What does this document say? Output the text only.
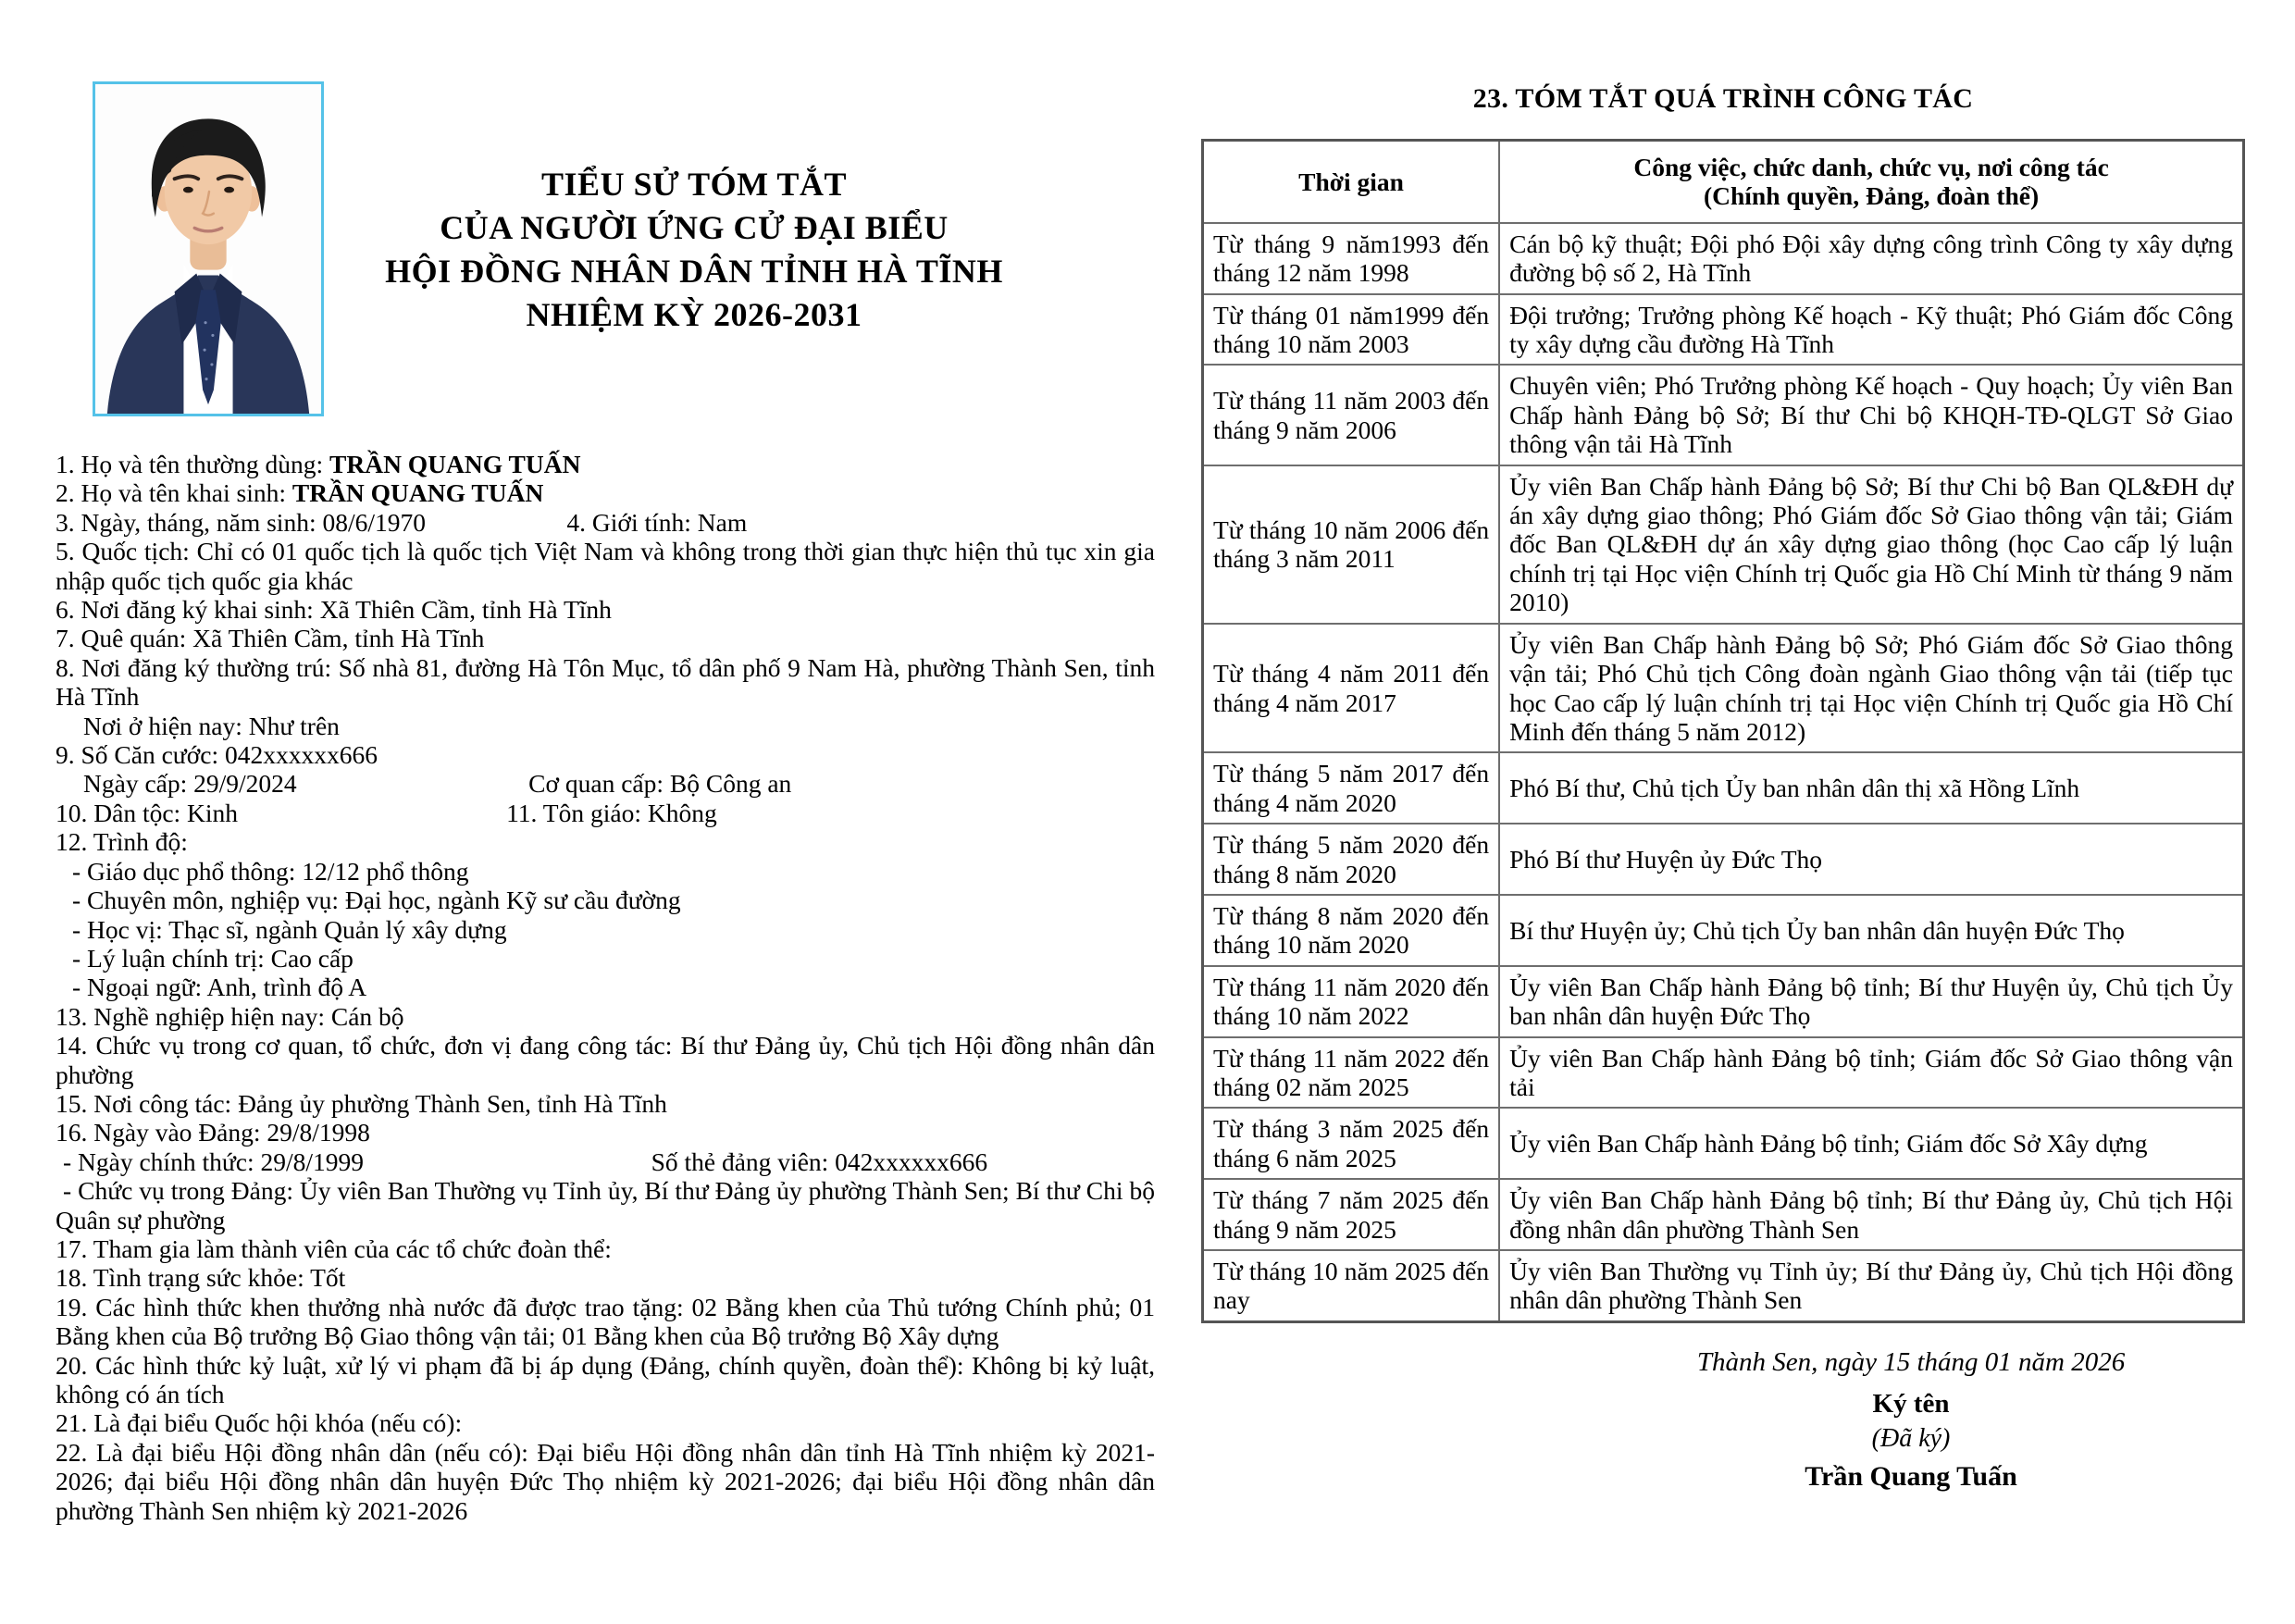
TIỂU SỬ TÓM TẮT
CỦA NGƯỜI ỨNG CỬ ĐẠI BIỂU
HỘI ĐỒNG NHÂN DÂN TỈNH HÀ TĨNH
NHIỆM KỲ 2026-2031
1. Họ và tên thường dùng: TRẦN QUANG TUẤN
2. Họ và tên khai sinh: TRẦN QUANG TUẤN
3. Ngày, tháng, năm sinh: 08/6/1970	4. Giới tính: Nam
5. Quốc tịch: Chỉ có 01 quốc tịch là quốc tịch Việt Nam và không trong thời gian thực hiện thủ tục xin gia nhập quốc tịch quốc gia khác
6. Nơi đăng ký khai sinh: Xã Thiên Cầm, tỉnh Hà Tĩnh
7. Quê quán: Xã Thiên Cầm, tỉnh Hà Tĩnh
8. Nơi đăng ký thường trú: Số nhà 81, đường Hà Tôn Mục, tổ dân phố 9 Nam Hà, phường Thành Sen, tỉnh Hà Tĩnh
Nơi ở hiện nay: Như trên
9. Số Căn cước: 042xxxxxx666
Ngày cấp: 29/9/2024	Cơ quan cấp: Bộ Công an
10. Dân tộc: Kinh	11. Tôn giáo: Không
12. Trình độ:
- Giáo dục phổ thông: 12/12 phổ thông
- Chuyên môn, nghiệp vụ: Đại học, ngành Kỹ sư cầu đường
- Học vị: Thạc sĩ, ngành Quản lý xây dựng
- Lý luận chính trị: Cao cấp
- Ngoại ngữ: Anh, trình độ A
13. Nghề nghiệp hiện nay: Cán bộ
14. Chức vụ trong cơ quan, tổ chức, đơn vị đang công tác: Bí thư Đảng ủy, Chủ tịch Hội đồng nhân dân phường
15. Nơi công tác: Đảng ủy phường Thành Sen, tỉnh Hà Tĩnh
16. Ngày vào Đảng: 29/8/1998
- Ngày chính thức: 29/8/1999	Số thẻ đảng viên: 042xxxxxx666
- Chức vụ trong Đảng: Ủy viên Ban Thường vụ Tỉnh ủy, Bí thư Đảng ủy phường Thành Sen; Bí thư Chi bộ Quân sự phường
17. Tham gia làm thành viên của các tổ chức đoàn thể:
18. Tình trạng sức khỏe: Tốt
19. Các hình thức khen thưởng nhà nước đã được trao tặng: 02 Bằng khen của Thủ tướng Chính phủ; 01 Bằng khen của Bộ trưởng Bộ Giao thông vận tải; 01 Bằng khen của Bộ trưởng Bộ Xây dựng
20. Các hình thức kỷ luật, xử lý vi phạm đã bị áp dụng (Đảng, chính quyền, đoàn thể): Không bị kỷ luật, không có án tích
21. Là đại biểu Quốc hội khóa (nếu có):
22. Là đại biểu Hội đồng nhân dân (nếu có): Đại biểu Hội đồng nhân dân tỉnh Hà Tĩnh nhiệm kỳ 2021-2026; đại biểu Hội đồng nhân dân huyện Đức Thọ nhiệm kỳ 2021-2026; đại biểu Hội đồng nhân dân phường Thành Sen nhiệm kỳ 2021-2026
23. TÓM TẮT QUÁ TRÌNH CÔNG TÁC
Thời gian	Công việc, chức danh, chức vụ, nơi công tác
(Chính quyền, Đảng, đoàn thể)

Từ tháng 9 năm1993 đến tháng 12 năm 1998	Cán bộ kỹ thuật; Đội phó Đội xây dựng công trình Công ty xây dựng đường bộ số 2, Hà Tĩnh
Từ tháng 01 năm1999 đến tháng 10 năm 2003	Đội trưởng; Trưởng phòng Kế hoạch - Kỹ thuật; Phó Giám đốc Công ty xây dựng cầu đường Hà Tĩnh
Từ tháng 11 năm 2003 đến tháng 9 năm 2006	Chuyên viên; Phó Trưởng phòng Kế hoạch - Quy hoạch; Ủy viên Ban Chấp hành Đảng bộ Sở; Bí thư Chi bộ KHQH-TĐ-QLGT Sở Giao thông vận tải Hà Tĩnh
Từ tháng 10 năm 2006 đến tháng 3 năm 2011	Ủy viên Ban Chấp hành Đảng bộ Sở; Bí thư Chi bộ Ban QL&ĐH dự án xây dựng giao thông; Phó Giám đốc Sở Giao thông vận tải; Giám đốc Ban QL&ĐH dự án xây dựng giao thông (học Cao cấp lý luận chính trị tại Học viện Chính trị Quốc gia Hồ Chí Minh từ tháng 9 năm 2010)
Từ tháng 4 năm 2011 đến tháng 4 năm 2017	Ủy viên Ban Chấp hành Đảng bộ Sở; Phó Giám đốc Sở Giao thông vận tải; Phó Chủ tịch Công đoàn ngành Giao thông vận tải (tiếp tục học Cao cấp lý luận chính trị tại Học viện Chính trị Quốc gia Hồ Chí Minh đến tháng 5 năm 2012)
Từ tháng 5 năm 2017 đến tháng 4 năm 2020	Phó Bí thư, Chủ tịch Ủy ban nhân dân thị xã Hồng Lĩnh
Từ tháng 5 năm 2020 đến tháng 8 năm 2020	Phó Bí thư Huyện ủy Đức Thọ
Từ tháng 8 năm 2020 đến tháng 10 năm 2020	Bí thư Huyện ủy; Chủ tịch Ủy ban nhân dân huyện Đức Thọ
Từ tháng 11 năm 2020 đến tháng 10 năm 2022	Ủy viên Ban Chấp hành Đảng bộ tỉnh; Bí thư Huyện ủy, Chủ tịch Ủy ban nhân dân huyện Đức Thọ
Từ tháng 11 năm 2022 đến tháng 02 năm 2025	Ủy viên Ban Chấp hành Đảng bộ tỉnh; Giám đốc Sở Giao thông vận tải
Từ tháng 3 năm 2025 đến tháng 6 năm 2025	Ủy viên Ban Chấp hành Đảng bộ tỉnh; Giám đốc Sở Xây dựng
Từ tháng 7 năm 2025 đến tháng 9 năm 2025	Ủy viên Ban Chấp hành Đảng bộ tỉnh; Bí thư Đảng ủy, Chủ tịch Hội đồng nhân dân phường Thành Sen
Từ tháng 10 năm 2025 đến nay	Ủy viên Ban Thường vụ Tỉnh ủy; Bí thư Đảng ủy, Chủ tịch Hội đồng nhân dân phường Thành Sen
Thành Sen, ngày 15 tháng 01 năm 2026
Ký tên
(Đã ký)
Trần Quang Tuấn
